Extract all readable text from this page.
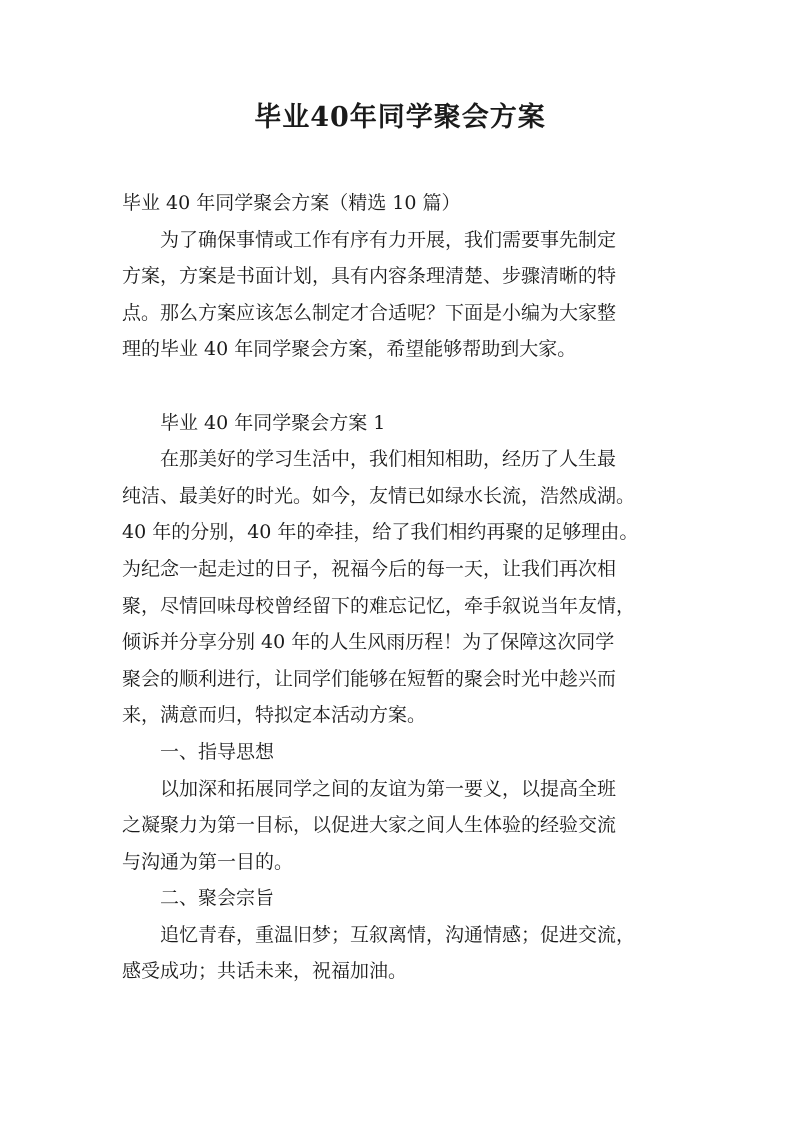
毕业40年同学聚会方案
毕业 40 年同学聚会方案（精选 10 篇）
为了确保事情或工作有序有力开展，我们需要事先制定
方案，方案是书面计划，具有内容条理清楚、步骤清晰的特
点。那么方案应该怎么制定才合适呢？下面是小编为大家整
理的毕业 40 年同学聚会方案，希望能够帮助到大家。
毕业 40 年同学聚会方案 1
在那美好的学习生活中，我们相知相助，经历了人生最
纯洁、最美好的时光。如今，友情已如绿水长流，浩然成湖。
40 年的分别，40 年的牵挂，给了我们相约再聚的足够理由。
为纪念一起走过的日子，祝福今后的每一天，让我们再次相
聚，尽情回味母校曾经留下的难忘记忆，牵手叙说当年友情，
倾诉并分享分别 40 年的人生风雨历程！为了保障这次同学
聚会的顺利进行，让同学们能够在短暂的聚会时光中趁兴而
来，满意而归，特拟定本活动方案。
一、指导思想
以加深和拓展同学之间的友谊为第一要义，以提高全班
之凝聚力为第一目标，以促进大家之间人生体验的经验交流
与沟通为第一目的。
二、聚会宗旨
追忆青春，重温旧梦；互叙离情，沟通情感；促进交流，
感受成功；共话未来，祝福加油。
